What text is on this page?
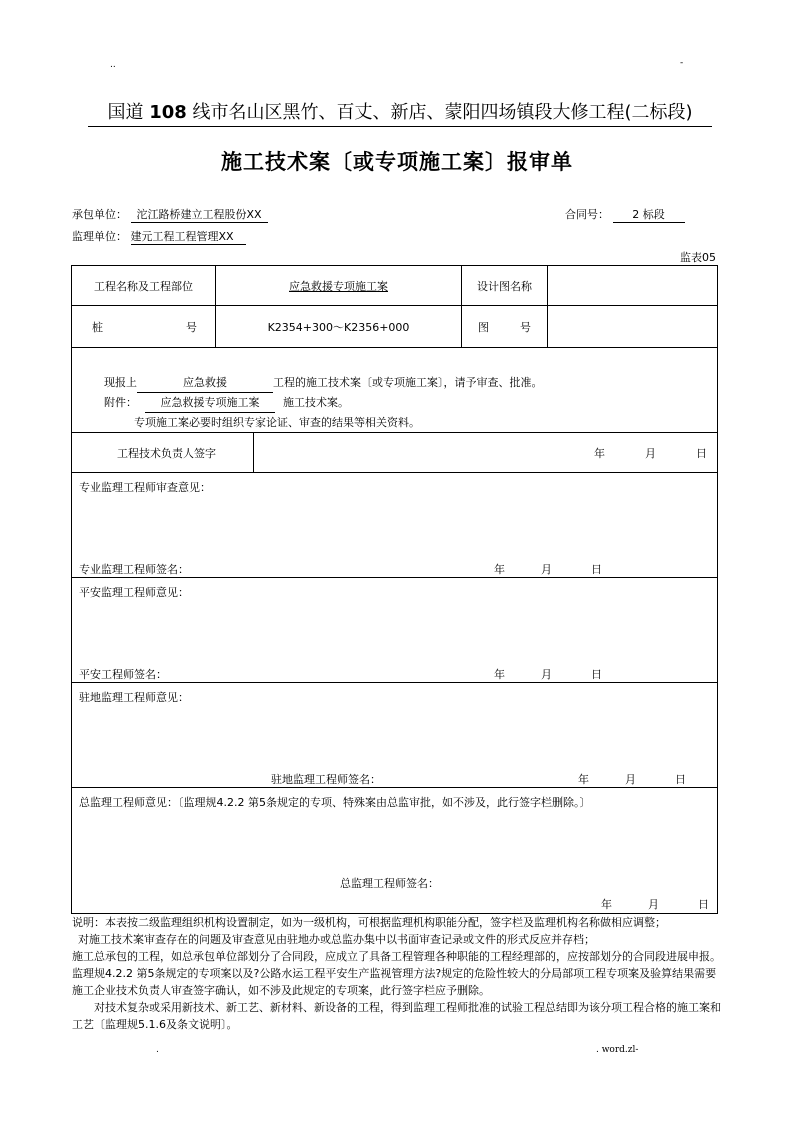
..	-
国道 108 线市名山区黑竹、百丈、新店、蒙阳四场镇段大修工程(二标段)
施工技术案〔或专项施工案〕报审单
承包单位： 沱江路桥建立工程股份XX	合同号： 2 标段
监理单位： 建元工程工程管理XX
监表05
工程名称及工程部位	应急救援专项施工案		设计图名称	

桩 号	K2354+300～K2356+000		图 号	

现报上 应急救援 工程的施工技术案〔或专项施工案〕，请予审查、批准。
附件： 应急救援专项施工案 施工技术案。
专项施工案必要时组织专家论证、审查的结果等相关资料。				

工程技术负责人签字		年 月 日		

专业监理工程师审查意见：
专业监理工程师签名： 年 月 日				

平安监理工程师意见：
平安工程师签名： 年 月 日				

驻地监理工程师意见：
驻地监理工程师签名： 年 月 日				

总监理工程师意见：〔监理规4.2.2 第5条规定的专项、特殊案由总监审批，如不涉及，此行签字栏删除。〕
总监理工程师签名：
年 月 日				

说明：本表按二级监理组织机构设置制定，如为一级机构，可根据监理机构职能分配，签字栏及监理机构名称做相应调整；

对施工技术案审查存在的问题及审查意见由驻地办或总监办集中以书面审查记录或文件的形式反应并存档；

施工总承包的工程，如总承包单位部划分了合同段，应成立了具备工程管理各种职能的工程经理部的，应按部划分的合同段进展申报。监理规4.2.2 第5条规定的专项案以及?公路水运工程平安生产监视管理方法?规定的危险性较大的分局部项工程专项案及验算结果需要施工企业技术负责人审查签字确认，如不涉及此规定的专项案，此行签字栏应予删除。

对技术复杂或采用新技术、新工艺、新材料、新设备的工程，得到监理工程师批准的试验工程总结即为该分项工程合格的施工案和工艺〔监理规5.1.6及条文说明〕。

.	. word.zl-
